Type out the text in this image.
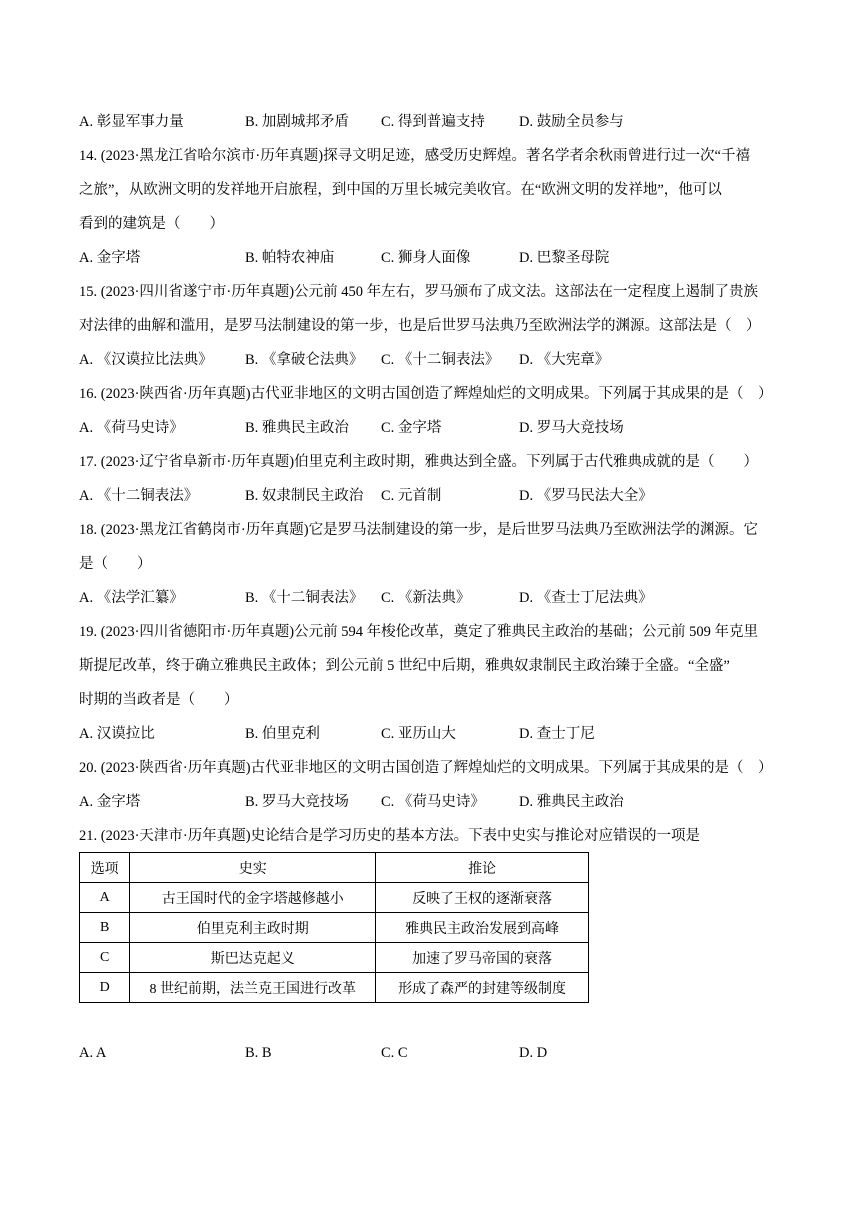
A. 彰显军事力量	B. 加剧城邦矛盾 C. 得到普遍支持 D. 鼓励全员参与
14. (2023·黑龙江省哈尔滨市·历年真题)探寻文明足迹，感受历史辉煌。著名学者余秋雨曾进行过一次“千禧
之旅”，从欧洲文明的发祥地开启旅程，到中国的万里长城完美收官。在“欧洲文明的发祥地”，他可以
看到的建筑是（　　）
A. 金字塔	B. 帕特农神庙	C. 狮身人面像	D. 巴黎圣母院
15. (2023·四川省遂宁市·历年真题)公元前 450 年左右，罗马颁布了成文法。这部法在一定程度上遏制了贵族
对法律的曲解和滥用，是罗马法制建设的第一步，也是后世罗马法典乃至欧洲法学的渊源。这部法是（　）
A. 《汉谟拉比法典》 B. 《拿破仑法典》 C. 《十二铜表法》 D. 《大宪章》
16. (2023·陕西省·历年真题)古代亚非地区的文明古国创造了辉煌灿烂的文明成果。下列属于其成果的是（　）
A. 《荷马史诗》	B. 雅典民主政治 C. 金字塔	D. 罗马大竞技场
17. (2023·辽宁省阜新市·历年真题)伯里克利主政时期，雅典达到全盛。下列属于古代雅典成就的是（　　）
A. 《十二铜表法》	B. 奴隶制民主政治 C. 元首制	D. 《罗马民法大全》
18. (2023·黑龙江省鹤岗市·历年真题)它是罗马法制建设的第一步，是后世罗马法典乃至欧洲法学的渊源。它
是（　　）
A. 《法学汇纂》	B. 《十二铜表法》 C. 《新法典》	D. 《查士丁尼法典》
19. (2023·四川省德阳市·历年真题)公元前 594 年梭伦改革，奠定了雅典民主政治的基础；公元前 509 年克里
斯提尼改革，终于确立雅典民主政体；到公元前 5 世纪中后期，雅典奴隶制民主政治臻于全盛。“全盛”
时期的当政者是（　　）
A. 汉谟拉比	B. 伯里克利	C. 亚历山大	D. 查士丁尼
20. (2023·陕西省·历年真题)古代亚非地区的文明古国创造了辉煌灿烂的文明成果。下列属于其成果的是（　）
A. 金字塔	B. 罗马大竞技场 C. 《荷马史诗》 D. 雅典民主政治
21. (2023·天津市·历年真题)史论结合是学习历史的基本方法。下表中史实与推论对应错误的一项是
选项	史实	推论
A	古王国时代的金字塔越修越小	反映了王权的逐渐衰落
B	伯里克利主政时期	雅典民主政治发展到高峰
C	斯巴达克起义	加速了罗马帝国的衰落
D	8 世纪前期，法兰克王国进行改革	形成了森严的封建等级制度
A. A	B. B	C. C	D. D
